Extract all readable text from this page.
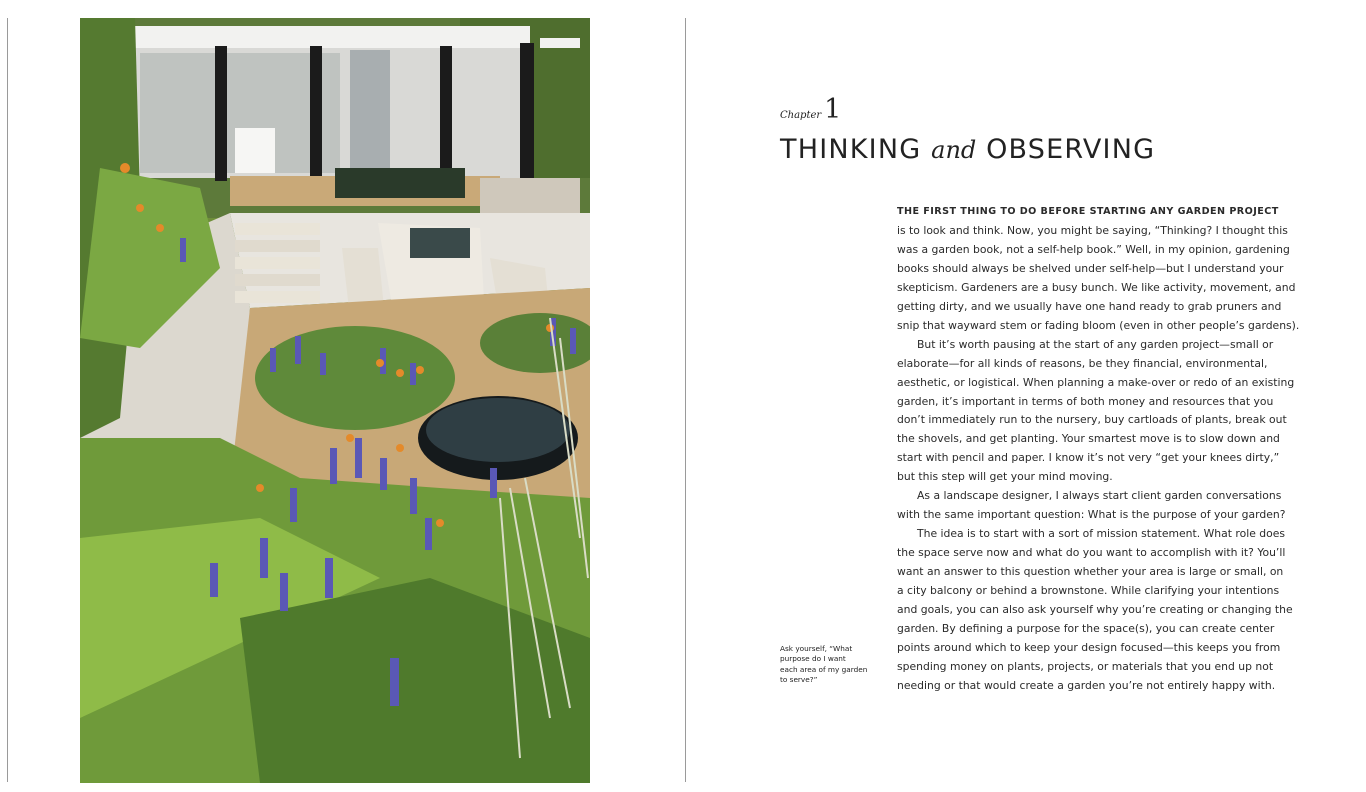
Chapter 1
THINKING and OBSERVING

THE FIRST THING TO DO BEFORE STARTING ANY GARDEN PROJECT
is to look and think. Now, you might be saying, “Thinking? I thought this
was a garden book, not a self-help book.” Well, in my opinion, gardening
books should always be shelved under self-help—but I understand your
skepticism. Gardeners are a busy bunch. We like activity, movement, and
getting dirty, and we usually have one hand ready to grab pruners and
snip that wayward stem or fading bloom (even in other people’s gardens).

But it’s worth pausing at the start of any garden project—small or
elaborate—for all kinds of reasons, be they financial, environmental,
aesthetic, or logistical. When planning a make-over or redo of an existing
garden, it’s important in terms of both money and resources that you
don’t immediately run to the nursery, buy cartloads of plants, break out
the shovels, and get planting. Your smartest move is to slow down and
start with pencil and paper. I know it’s not very “get your knees dirty,”
but this step will get your mind moving.

As a landscape designer, I always start client garden conversations
with the same important question: What is the purpose of your garden?

The idea is to start with a sort of mission statement. What role does
the space serve now and what do you want to accomplish with it? You’ll
want an answer to this question whether your area is large or small, on
a city balcony or behind a brownstone. While clarifying your intentions
and goals, you can also ask yourself why you’re creating or changing the
garden. By defining a purpose for the space(s), you can create center
points around which to keep your design focused—this keeps you from
spending money on plants, projects, or materials that you end up not
needing or that would create a garden you’re not entirely happy with.

Ask yourself, “What
purpose do I want
each area of my garden
to serve?”
